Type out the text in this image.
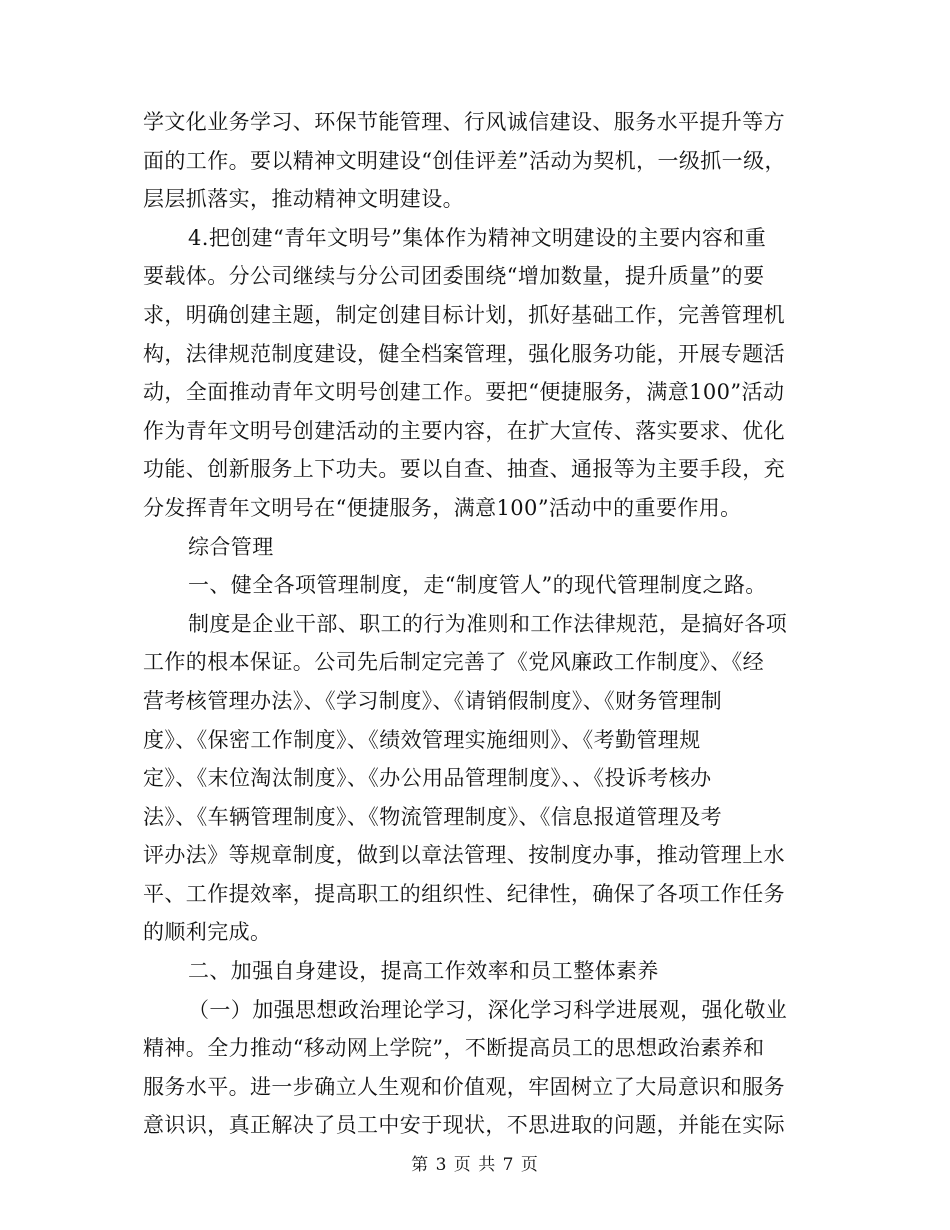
学文化业务学习、环保节能管理、行风诚信建设、服务水平提升等方
面的工作。要以精神文明建设“创佳评差”活动为契机，一级抓一级，
层层抓落实，推动精神文明建设。
4.把创建“青年文明号”集体作为精神文明建设的主要内容和重
要载体。分公司继续与分公司团委围绕“增加数量，提升质量”的要
求，明确创建主题，制定创建目标计划，抓好基础工作，完善管理机
构，法律规范制度建设，健全档案管理，强化服务功能，开展专题活
动，全面推动青年文明号创建工作。要把“便捷服务，满意100”活动
作为青年文明号创建活动的主要内容，在扩大宣传、落实要求、优化
功能、创新服务上下功夫。要以自查、抽查、通报等为主要手段，充
分发挥青年文明号在“便捷服务，满意100”活动中的重要作用。
综合管理
一、健全各项管理制度，走“制度管人”的现代管理制度之路。
制度是企业干部、职工的行为准则和工作法律规范，是搞好各项
工作的根本保证。公司先后制定完善了《党风廉政工作制度》、《经
营考核管理办法》、《学习制度》、《请销假制度》、《财务管理制
度》、《保密工作制度》、《绩效管理实施细则》、《考勤管理规
定》、《末位淘汰制度》、《办公用品管理制度》、、《投诉考核办
法》、《车辆管理制度》、《物流管理制度》、《信息报道管理及考
评办法》等规章制度，做到以章法管理、按制度办事，推动管理上水
平、工作提效率，提高职工的组织性、纪律性，确保了各项工作任务
的顺利完成。
二、加强自身建设，提高工作效率和员工整体素养
（一）加强思想政治理论学习，深化学习科学进展观，强化敬业
精神。全力推动“移动网上学院”，不断提高员工的思想政治素养和
服务水平。进一步确立人生观和价值观，牢固树立了大局意识和服务
意识识，真正解决了员工中安于现状，不思进取的问题，并能在实际
第 3 页 共 7 页
